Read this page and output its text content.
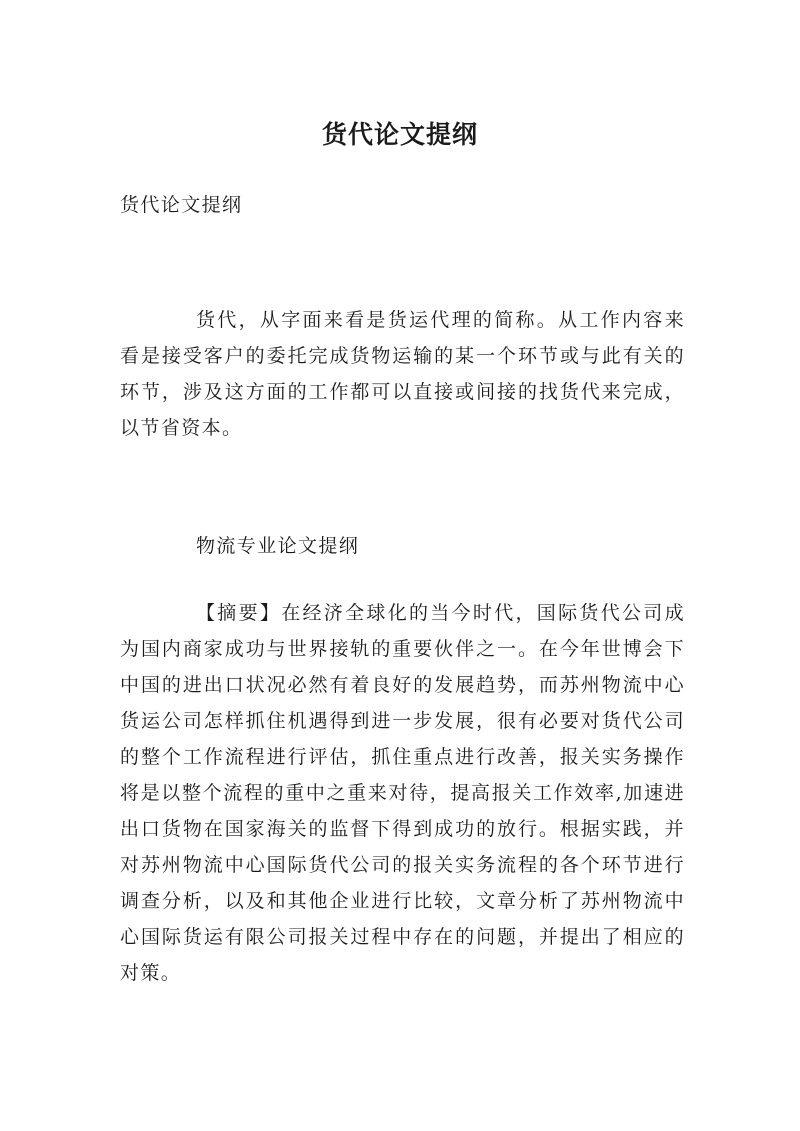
货代论文提纲

货代论文提纲

货代，从字面来看是货运代理的简称。从工作内容来看是接受客户的委托完成货物运输的某一个环节或与此有关的环节，涉及这方面的工作都可以直接或间接的找货代来完成，以节省资本。

物流专业论文提纲

【摘要】在经济全球化的当今时代，国际货代公司成为国内商家成功与世界接轨的重要伙伴之一。在今年世博会下中国的进出口状况必然有着良好的发展趋势，而苏州物流中心货运公司怎样抓住机遇得到进一步发展，很有必要对货代公司的整个工作流程进行评估，抓住重点进行改善，报关实务操作将是以整个流程的重中之重来对待，提高报关工作效率,加速进出口货物在国家海关的监督下得到成功的放行。根据实践，并对苏州物流中心国际货代公司的报关实务流程的各个环节进行调查分析，以及和其他企业进行比较，文章分析了苏州物流中心国际货运有限公司报关过程中存在的问题，并提出了相应的对策。
